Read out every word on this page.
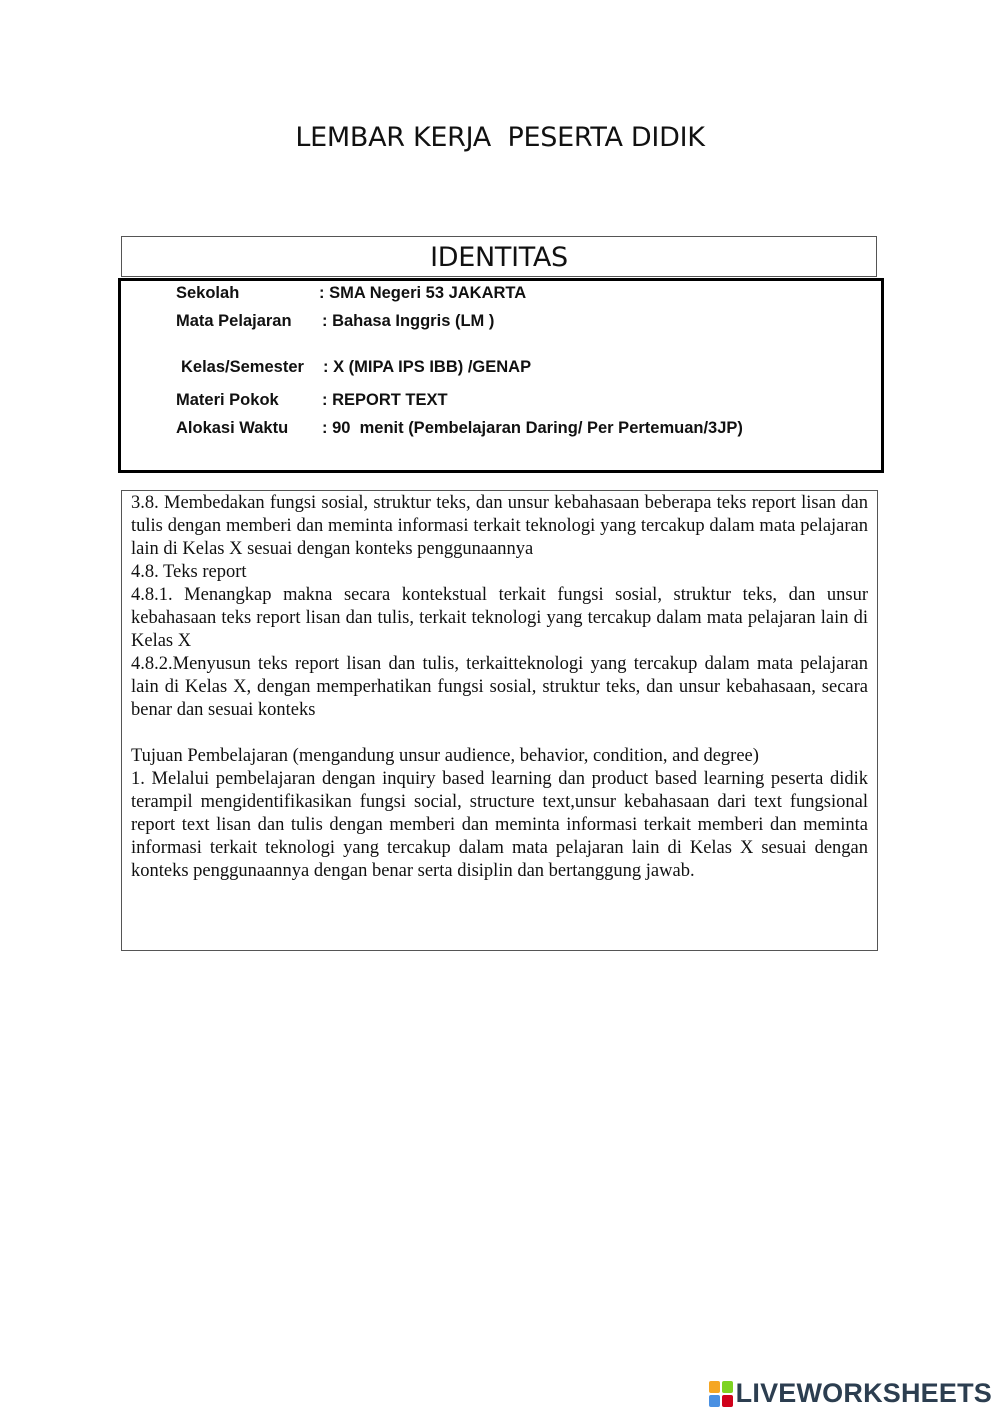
LEMBAR KERJA  PESERTA DIDIK
IDENTITAS
Sekolah	: SMA Negeri 53 JAKARTA
Mata Pelajaran : Bahasa Inggris (LM )
Kelas/Semester : X (MIPA IPS IBB) /GENAP
Materi Pokok	: REPORT TEXT
Alokasi Waktu : 90  menit (Pembelajaran Daring/ Per Pertemuan/3JP)

3.8. Membedakan fungsi sosial, struktur teks, dan unsur kebahasaan beberapa teks report lisan dan tulis dengan memberi dan meminta informasi terkait teknologi yang tercakup dalam mata pelajaran lain di Kelas X sesuai dengan konteks penggunaannya

4.8. Teks report

4.8.1. Menangkap makna secara kontekstual terkait fungsi sosial, struktur teks, dan unsur kebahasaan teks report lisan dan tulis, terkait teknologi yang tercakup dalam mata pelajaran lain di Kelas X

4.8.2.Menyusun teks report lisan dan tulis, terkaitteknologi yang tercakup dalam mata pelajaran lain di Kelas X, dengan memperhatikan fungsi sosial, struktur teks, dan unsur kebahasaan, secara benar dan sesuai konteks

Tujuan Pembelajaran (mengandung unsur audience, behavior, condition, and degree)

1. Melalui pembelajaran dengan inquiry based learning dan product based learning peserta didik terampil mengidentifikasikan fungsi social, structure text,unsur kebahasaan dari text fungsional report text lisan dan tulis dengan memberi dan meminta informasi terkait memberi dan meminta informasi terkait teknologi yang tercakup dalam mata pelajaran lain di Kelas X sesuai dengan konteks penggunaannya dengan benar serta disiplin dan bertanggung jawab.

LIVEWORKSHEETS
